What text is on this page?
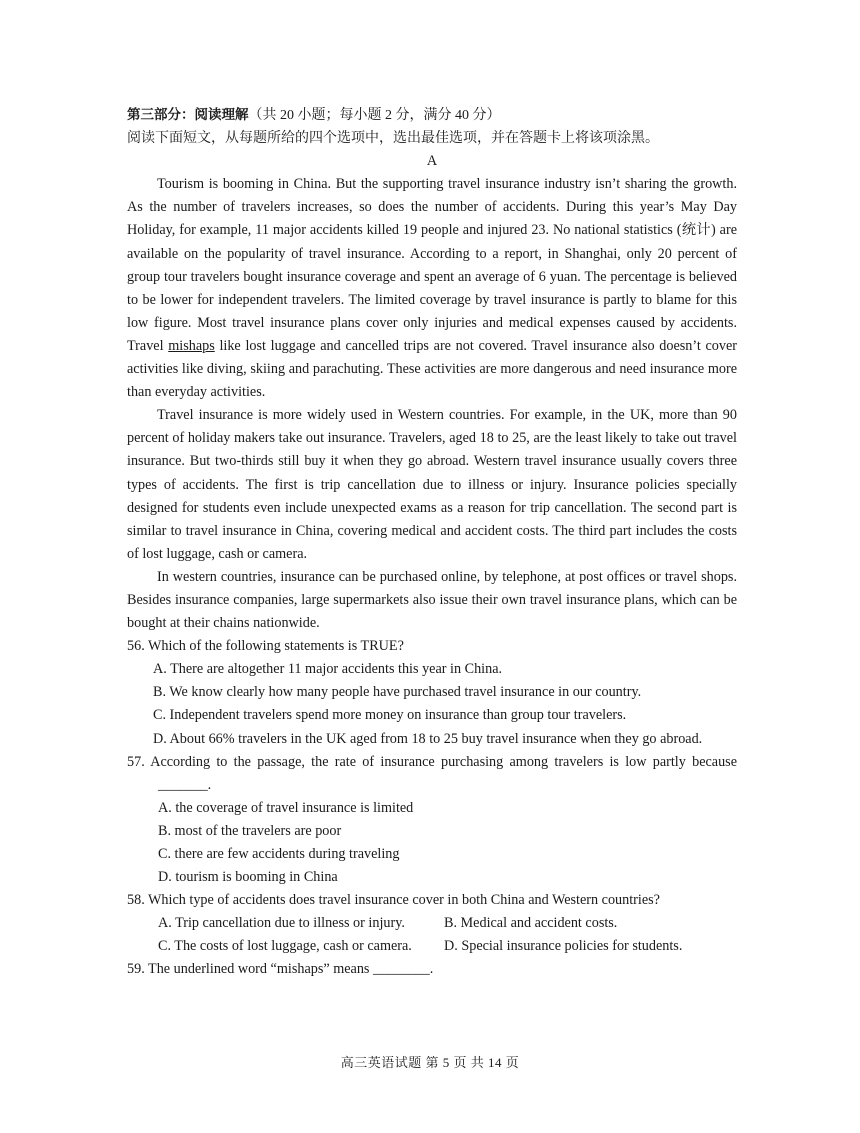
第三部分：阅读理解（共 20 小题；每小题 2 分，满分 40 分）
阅读下面短文，从每题所给的四个选项中，选出最佳选项，并在答题卡上将该项涂黑。
A

Tourism is booming in China. But the supporting travel insurance industry isn’t sharing the growth. As the number of travelers increases, so does the number of accidents. During this year’s May Day Holiday, for example, 11 major accidents killed 19 people and injured 23. No national statistics (统计) are available on the popularity of travel insurance. According to a report, in Shanghai, only 20 percent of group tour travelers bought insurance coverage and spent an average of 6 yuan. The percentage is believed to be lower for independent travelers. The limited coverage by travel insurance is partly to blame for this low figure. Most travel insurance plans cover only injuries and medical expenses caused by accidents. Travel mishaps like lost luggage and cancelled trips are not covered. Travel insurance also doesn’t cover activities like diving, skiing and parachuting. These activities are more dangerous and need insurance more than everyday activities.

Travel insurance is more widely used in Western countries. For example, in the UK, more than 90 percent of holiday makers take out insurance. Travelers, aged 18 to 25, are the least likely to take out travel insurance. But two-thirds still buy it when they go abroad. Western travel insurance usually covers three types of accidents. The first is trip cancellation due to illness or injury. Insurance policies specially designed for students even include unexpected exams as a reason for trip cancellation. The second part is similar to travel insurance in China, covering medical and accident costs. The third part includes the costs of lost luggage, cash or camera.

In western countries, insurance can be purchased online, by telephone, at post offices or travel shops. Besides insurance companies, large supermarkets also issue their own travel insurance plans, which can be bought at their chains nationwide.

56. Which of the following statements is TRUE?

A. There are altogether 11 major accidents this year in China.

B. We know clearly how many people have purchased travel insurance in our country.

C. Independent travelers spend more money on insurance than group tour travelers.

D. About 66% travelers in the UK aged from 18 to 25 buy travel insurance when they go abroad.

57. According to the passage, the rate of insurance purchasing among travelers is low partly because _______.

A. the coverage of travel insurance is limited

B. most of the travelers are poor

C. there are few accidents during traveling

D. tourism is booming in China

58. Which type of accidents does travel insurance cover in both China and Western countries?

A. Trip cancellation due to illness or injury.	B. Medical and accident costs.
C. The costs of lost luggage, cash or camera. D. Special insurance policies for students.

59. The underlined word “mishaps” means ________.

高三英语试题 第 5 页 共 14 页
